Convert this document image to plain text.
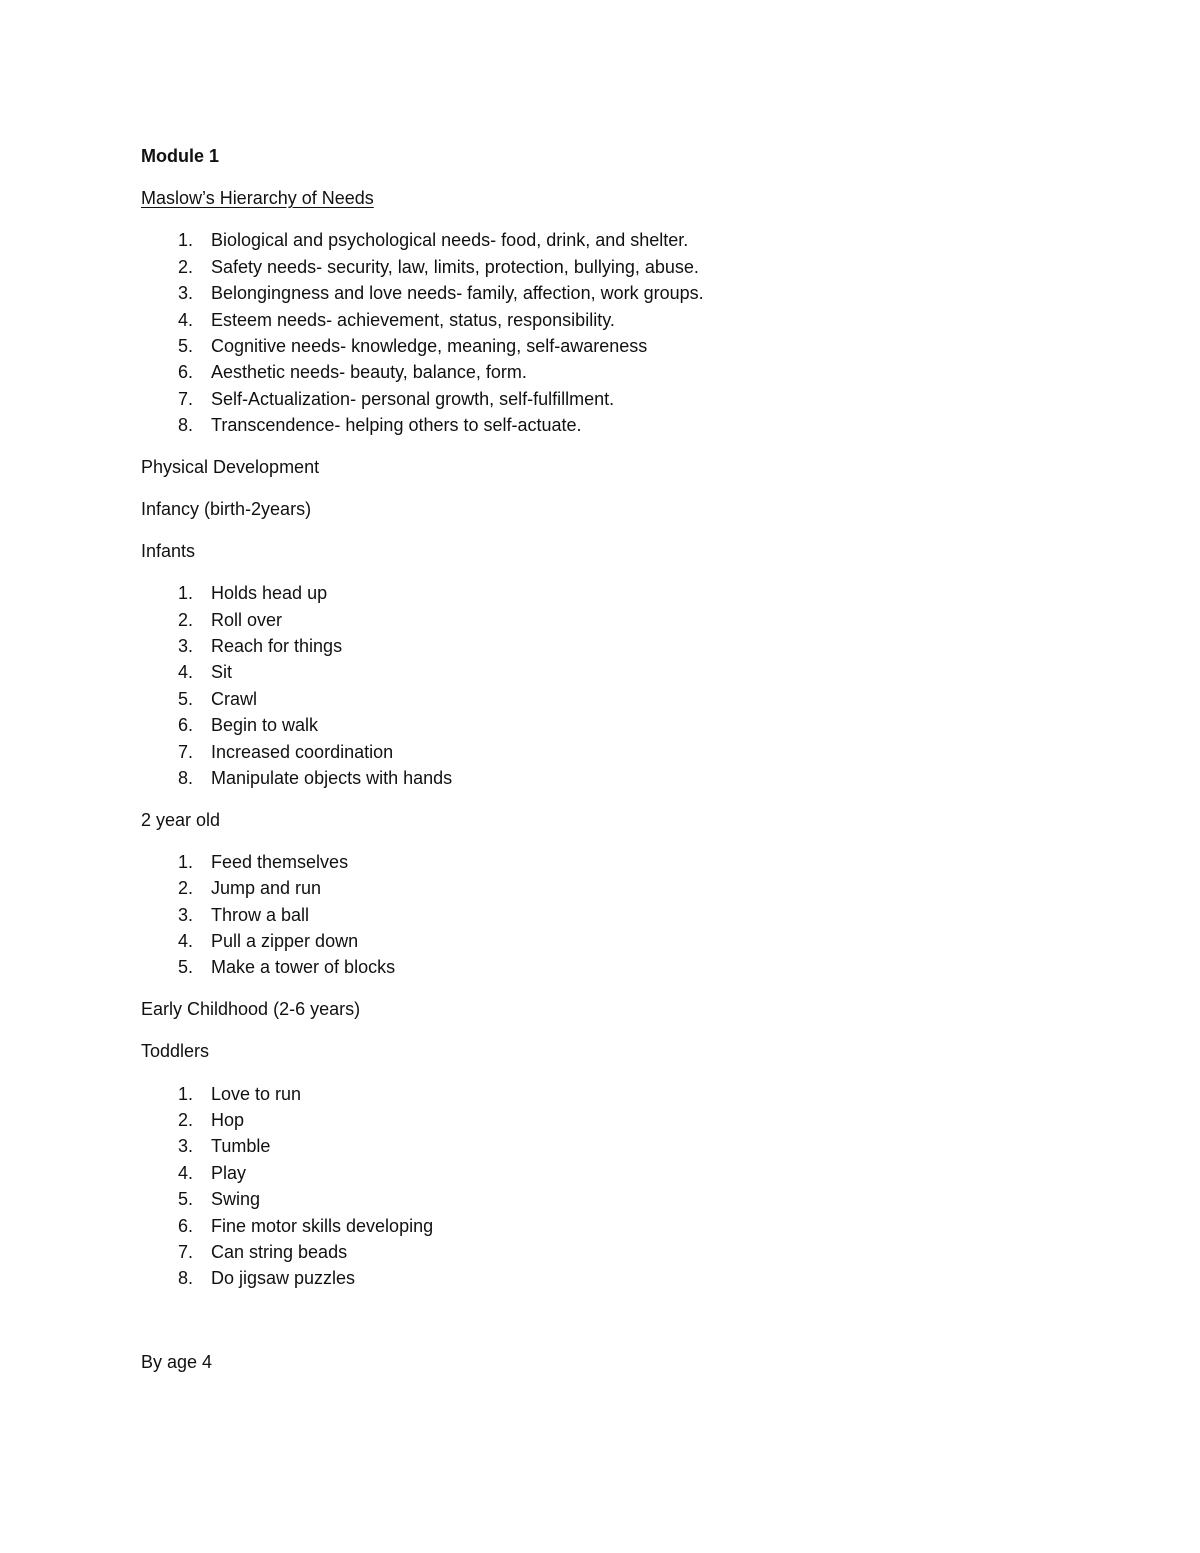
Module 1
Maslow’s Hierarchy of Needs
1. Biological and psychological needs- food, drink, and shelter.
2. Safety needs- security, law, limits, protection, bullying, abuse.
3. Belongingness and love needs- family, affection, work groups.
4. Esteem needs- achievement, status, responsibility.
5. Cognitive needs- knowledge, meaning, self-awareness
6. Aesthetic needs- beauty, balance, form.
7. Self-Actualization- personal growth, self-fulfillment.
8. Transcendence- helping others to self-actuate.
Physical Development
Infancy (birth-2years)
Infants
1. Holds head up
2. Roll over
3. Reach for things
4. Sit
5. Crawl
6. Begin to walk
7. Increased coordination
8. Manipulate objects with hands
2 year old
1. Feed themselves
2. Jump and run
3. Throw a ball
4. Pull a zipper down
5. Make a tower of blocks
Early Childhood (2-6 years)
Toddlers
1. Love to run
2. Hop
3. Tumble
4. Play
5. Swing
6. Fine motor skills developing
7. Can string beads
8. Do jigsaw puzzles
By age 4
